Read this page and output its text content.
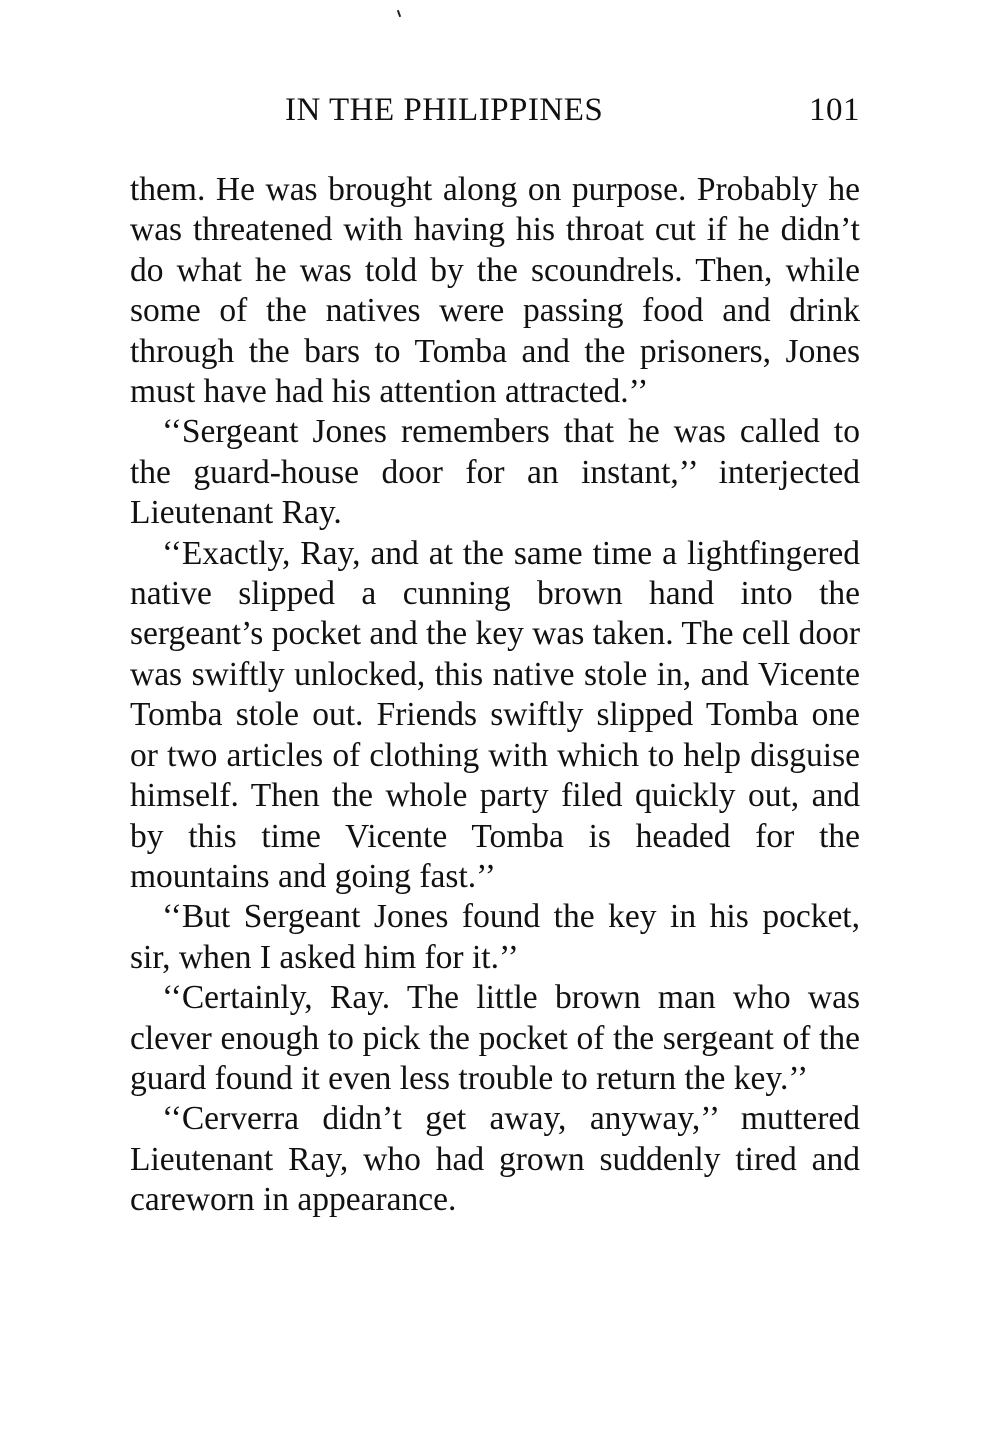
IN THE PHILIPPINES	101

them. He was brought along on purpose. Probably he was threatened with having his throat cut if he didn’t do what he was told by the scoundrels. Then, while some of the natives were passing food and drink through the bars to Tomba and the prisoners, Jones must have had his attention attracted.’’

‘‘Sergeant Jones remembers that he was called to the guard-house door for an instant,’’ interjected Lieutenant Ray.

‘‘Exactly, Ray, and at the same time a lightfingered native slipped a cunning brown hand into the sergeant’s pocket and the key was taken. The cell door was swiftly unlocked, this native stole in, and Vicente Tomba stole out. Friends swiftly slipped Tomba one or two articles of clothing with which to help disguise himself. Then the whole party filed quickly out, and by this time Vicente Tomba is headed for the mountains and going fast.’’

‘‘But Sergeant Jones found the key in his pocket, sir, when I asked him for it.’’

‘‘Certainly, Ray. The little brown man who was clever enough to pick the pocket of the sergeant of the guard found it even less trouble to return the key.’’

‘‘Cerverra didn’t get away, anyway,’’ muttered Lieutenant Ray, who had grown suddenly tired and careworn in appearance.
